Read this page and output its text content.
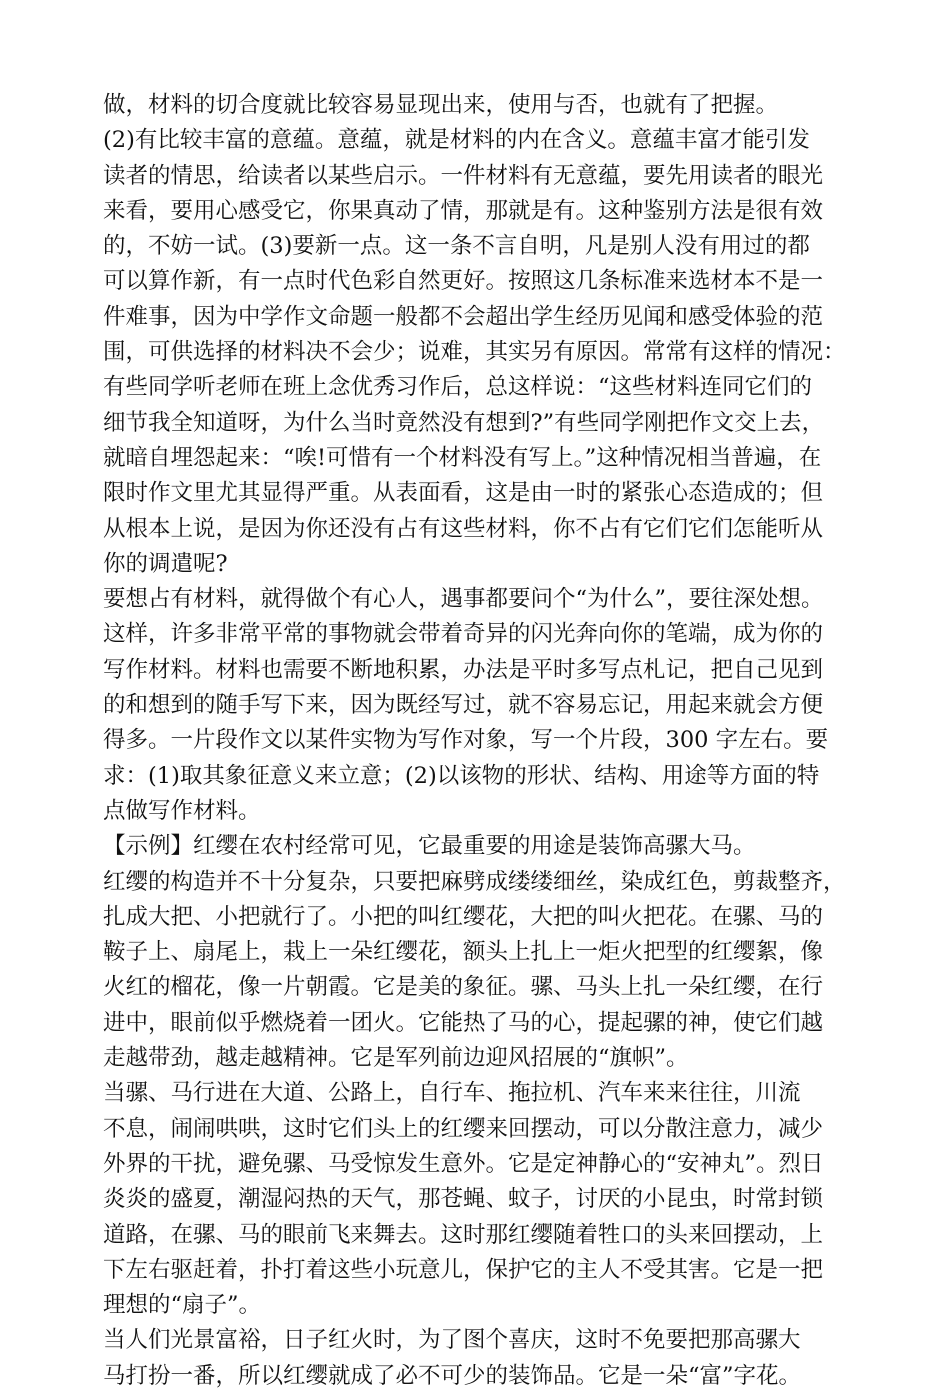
做，材料的切合度就比较容易显现出来，使用与否，也就有了把握。
(2)有比较丰富的意蕴。意蕴，就是材料的内在含义。意蕴丰富才能引发
读者的情思，给读者以某些启示。一件材料有无意蕴，要先用读者的眼光
来看，要用心感受它，你果真动了情，那就是有。这种鉴别方法是很有效
的，不妨一试。(3)要新一点。这一条不言自明，凡是别人没有用过的都
可以算作新，有一点时代色彩自然更好。按照这几条标准来选材本不是一
件难事，因为中学作文命题一般都不会超出学生经历见闻和感受体验的范
围，可供选择的材料决不会少；说难，其实另有原因。常常有这样的情况：
有些同学听老师在班上念优秀习作后，总这样说：“这些材料连同它们的
细节我全知道呀，为什么当时竟然没有想到?”有些同学刚把作文交上去，
就暗自埋怨起来：“唉!可惜有一个材料没有写上。”这种情况相当普遍，在
限时作文里尤其显得严重。从表面看，这是由一时的紧张心态造成的；但
从根本上说，是因为你还没有占有这些材料，你不占有它们它们怎能听从
你的调遣呢?
要想占有材料，就得做个有心人，遇事都要问个“为什么”，要往深处想。
这样，许多非常平常的事物就会带着奇异的闪光奔向你的笔端，成为你的
写作材料。材料也需要不断地积累，办法是平时多写点札记，把自己见到
的和想到的随手写下来，因为既经写过，就不容易忘记，用起来就会方便
得多。一片段作文以某件实物为写作对象，写一个片段，300 字左右。要
求：(1)取其象征意义来立意；(2)以该物的形状、结构、用途等方面的特
点做写作材料。
【示例】红缨在农村经常可见，它最重要的用途是装饰高骡大马。
红缨的构造并不十分复杂，只要把麻劈成缕缕细丝，染成红色，剪裁整齐，
扎成大把、小把就行了。小把的叫红缨花，大把的叫火把花。在骡、马的
鞍子上、扇尾上，栽上一朵红缨花，额头上扎上一炬火把型的红缨絮，像
火红的榴花，像一片朝霞。它是美的象征。骡、马头上扎一朵红缨，在行
进中，眼前似乎燃烧着一团火。它能热了马的心，提起骡的神，使它们越
走越带劲，越走越精神。它是军列前边迎风招展的“旗帜”。
当骡、马行进在大道、公路上，自行车、拖拉机、汽车来来往往，川流
不息，闹闹哄哄，这时它们头上的红缨来回摆动，可以分散注意力，减少
外界的干扰，避免骡、马受惊发生意外。它是定神静心的“安神丸”。烈日
炎炎的盛夏，潮湿闷热的天气，那苍蝇、蚊子，讨厌的小昆虫，时常封锁
道路，在骡、马的眼前飞来舞去。这时那红缨随着牲口的头来回摆动，上
下左右驱赶着，扑打着这些小玩意儿，保护它的主人不受其害。它是一把
理想的“扇子”。
当人们光景富裕，日子红火时，为了图个喜庆，这时不免要把那高骡大
马打扮一番，所以红缨就成了必不可少的装饰品。它是一朵“富”字花。
